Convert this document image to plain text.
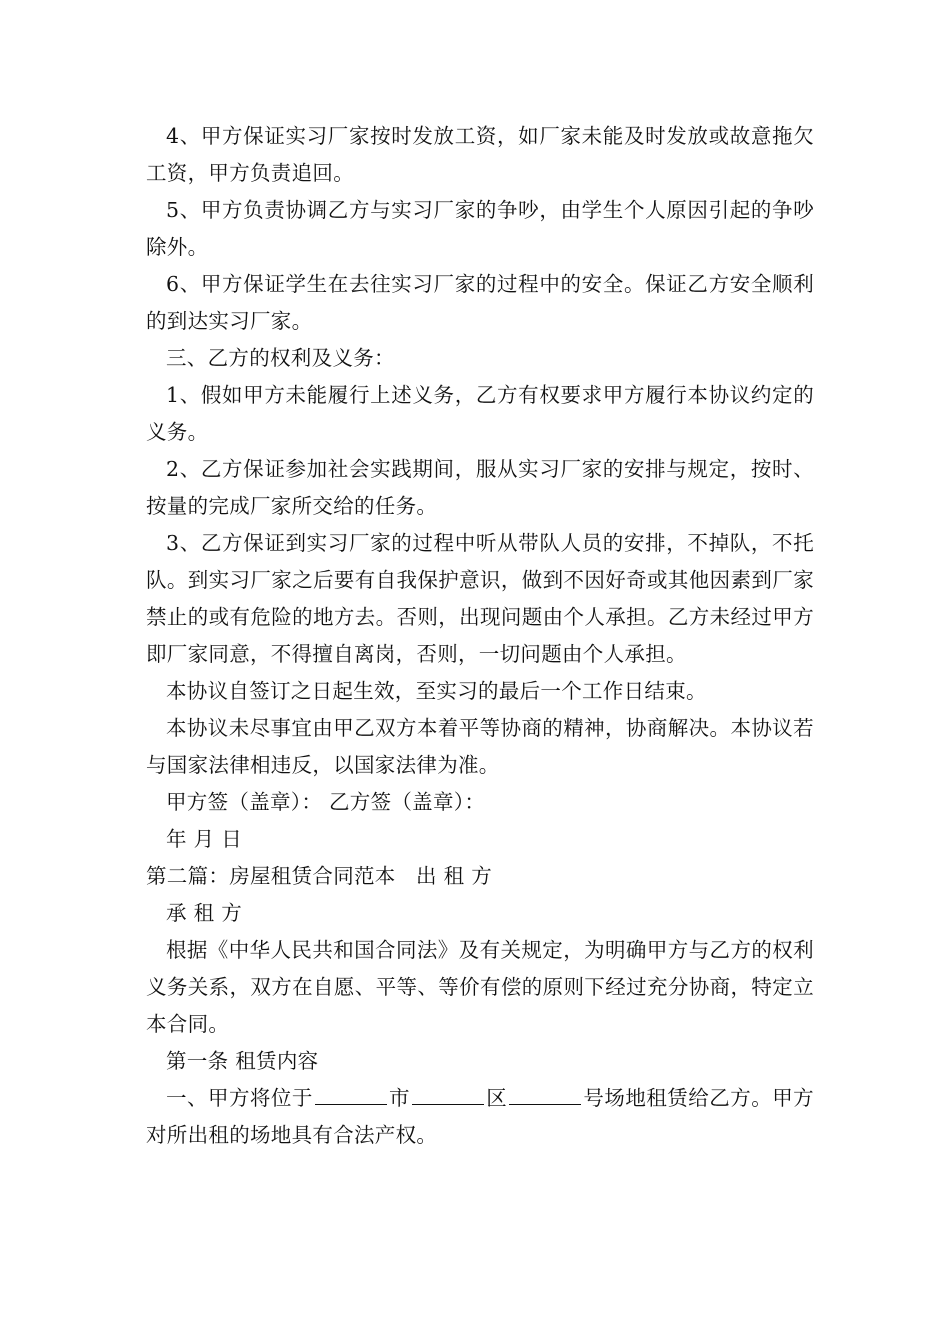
4、甲方保证实习厂家按时发放工资，如厂家未能及时发放或故意拖欠工资，甲方负责追回。

5、甲方负责协调乙方与实习厂家的争吵，由学生个人原因引起的争吵除外。

6、甲方保证学生在去往实习厂家的过程中的安全。保证乙方安全顺利的到达实习厂家。

三、乙方的权利及义务：

1、假如甲方未能履行上述义务，乙方有权要求甲方履行本协议约定的义务。

2、乙方保证参加社会实践期间，服从实习厂家的安排与规定，按时、按量的完成厂家所交给的任务。

3、乙方保证到实习厂家的过程中听从带队人员的安排，不掉队，不托队。到实习厂家之后要有自我保护意识，做到不因好奇或其他因素到厂家禁止的或有危险的地方去。否则，出现问题由个人承担。乙方未经过甲方即厂家同意，不得擅自离岗，否则，一切问题由个人承担。

本协议自签订之日起生效，至实习的最后一个工作日结束。

本协议未尽事宜由甲乙双方本着平等协商的精神，协商解决。本协议若与国家法律相违反，以国家法律为准。

甲方签（盖章）： 乙方签（盖章）：

年 月 日

第二篇：房屋租赁合同范本   出 租 方

承 租 方

根据《中华人民共和国合同法》及有关规定，为明确甲方与乙方的权利义务关系，双方在自愿、平等、等价有偿的原则下经过充分协商，特定立本合同。

第一条 租赁内容

一、甲方将位于	市	区	号场地租赁给乙方。甲方对所出租的场地具有合法产权。
